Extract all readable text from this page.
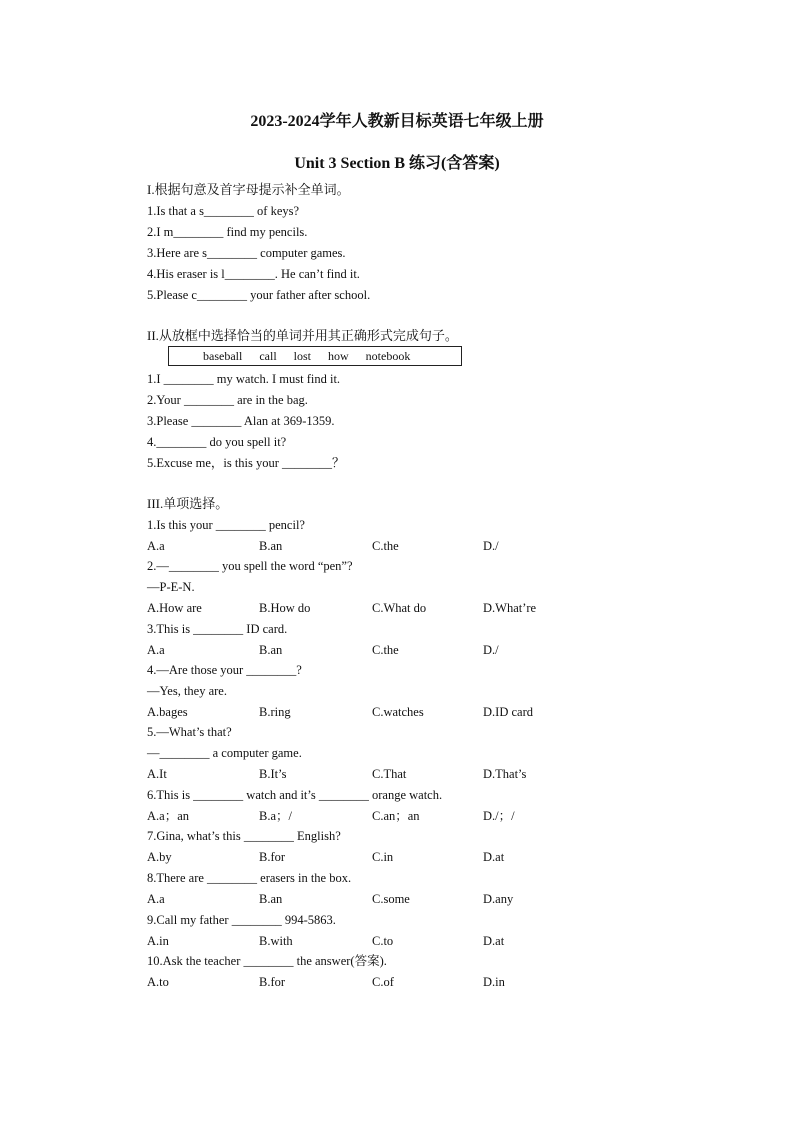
2023-2024学年人教新目标英语七年级上册
Unit 3 Section B 练习(含答案)
I.根据句意及首字母提示补全单词。
1.Is that a s________ of keys?
2.I m________ find my pencils.
3.Here are s________ computer games.
4.His eraser is l________. He can’t find it.
5.Please c________ your father after school.
II.从放框中选择恰当的单词并用其正确形式完成句子。
baseball call lost how notebook
1.I ________ my watch. I must find it.
2.Your ________ are in the bag.
3.Please ________ Alan at 369-1359.
4.________ do you spell it?
5.Excuse me，is this your ________？
III.单项选择。
1.Is this your ________ pencil?
A.a	B.an	C.the	D./
2.—________ you spell the word “pen”?
—P-E-N.
A.How are	B.How do	C.What do	D.What’re
3.This is ________ ID card.
A.a	B.an	C.the	D./
4.—Are those your ________?
—Yes, they are.
A.bages	B.ring	C.watches	D.ID card
5.—What’s that?
—________ a computer game.
A.It	B.It’s	C.That	D.That’s
6.This is ________ watch and it’s ________ orange watch.
A.a；an	B.a；/	C.an；an	D./；/
7.Gina, what’s this ________ English?
A.by	B.for	C.in	D.at
8.There are ________ erasers in the box.
A.a	B.an	C.some	D.any
9.Call my father ________ 994-5863.
A.in	B.with	C.to	D.at
10.Ask the teacher ________ the answer(答案).
A.to	B.for	C.of	D.in
